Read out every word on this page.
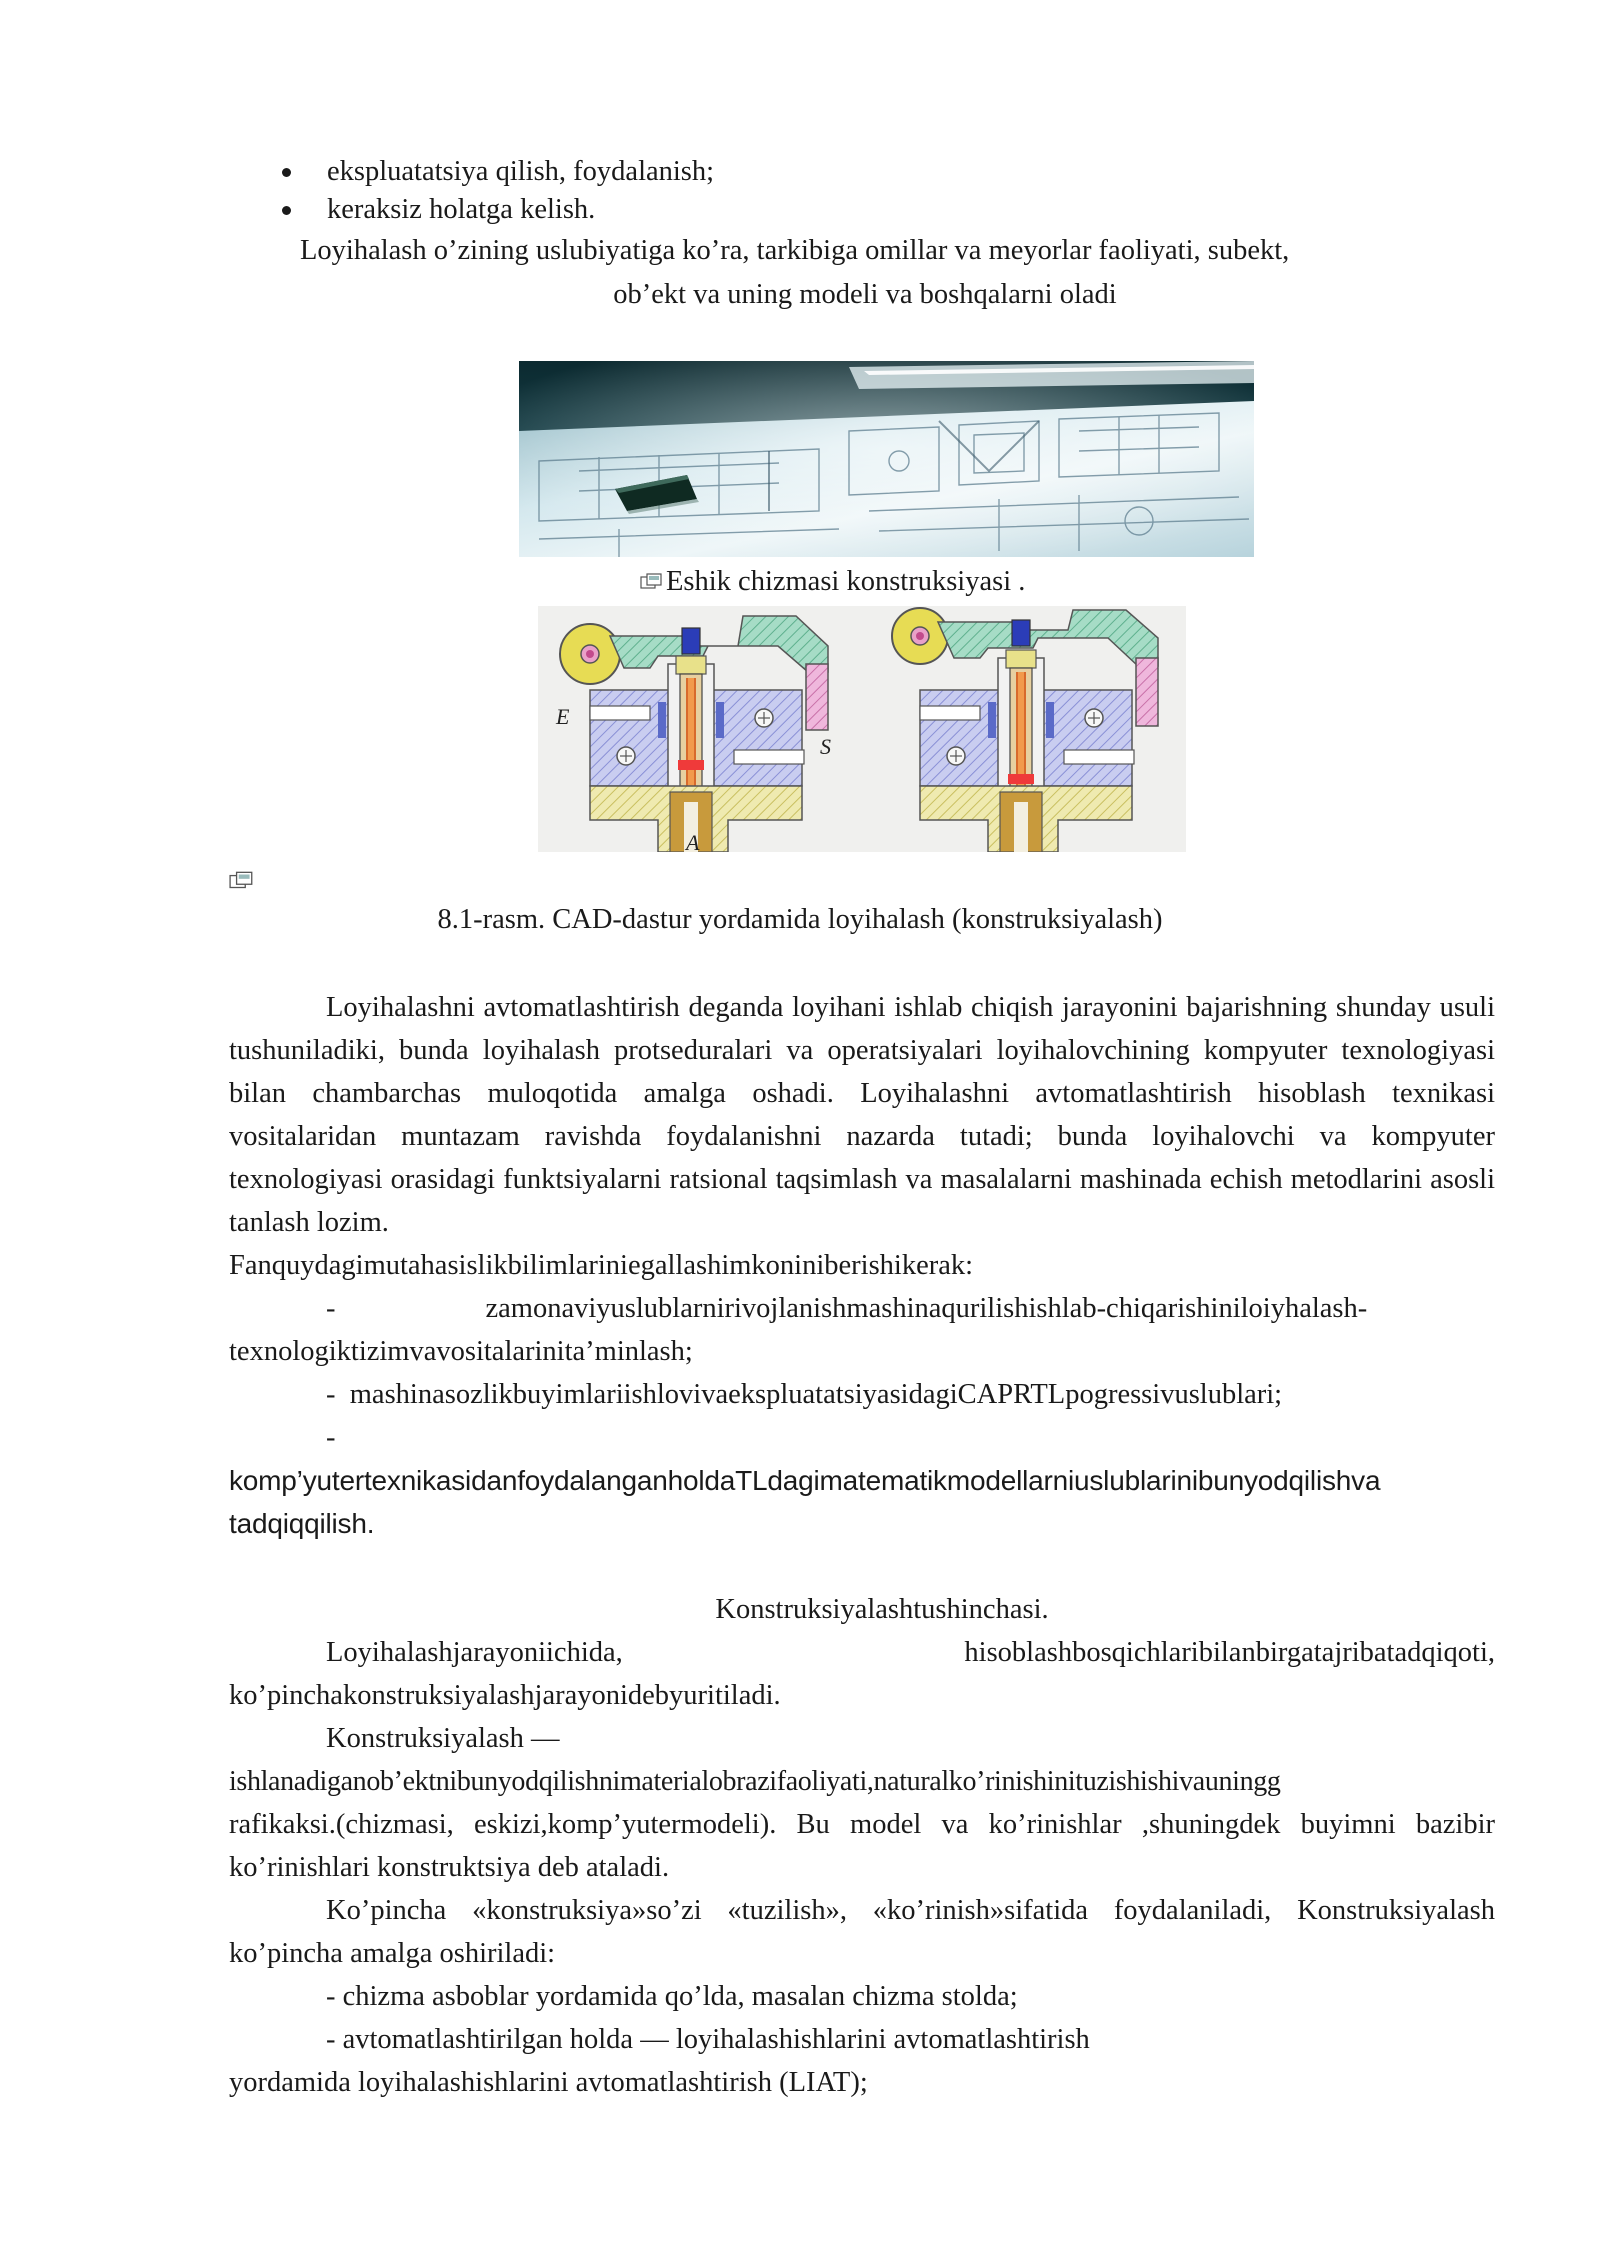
ekspluatatsiya qilish, foydalanish;
keraksiz holatga kelish.
Loyihalash o’zining uslubiyatiga ko’ra, tarkibiga omillar va meyorlar faoliyati, subekt,
ob’ekt va uning modeli va boshqalarni oladi
Eshik chizmasi konstruksiyasi .
E
S
A
8.1-rasm. CAD-dastur yordamida loyihalash (konstruksiyalash)

Loyihalashni avtomatlashtirish deganda loyihani ishlab chiqish jarayonini bajarishning shunday usuli tushuniladiki, bunda loyihalash protseduralari va operatsiyalari loyihalovchining kompyuter texnologiyasi bilan chambarchas muloqotida amalga oshadi. Loyihalashni avtomatlashtirish hisoblash texnikasi vositalaridan muntazam ravishda foydalanishni nazarda tutadi; bunda loyihalovchi va kompyuter texnologiyasi orasidagi funktsiyalarni ratsional taqsimlash va masalalarni mashinada echish metodlarini asosli tanlash lozim.

Fanquydagimutahasislikbilimlariniegallashimkoniniberishikerak:

-	zamonaviyuslublarnirivojlanishmashinaqurilishishlab-chiqarishiniloiyhalash-

texnologiktizimvavositalarinita’minlash;

- mashinasozlikbuyimlariishlovivaekspluatatsiyasidagiCAPRTLpogressivuslublari;

-

komp’yutertexnikasidanfoydalanganholdaTLdagimatematikmodellarniuslublarinibunyodqilishva

tadqiqqilish.

Konstruksiyalashtushinchasi.

Loyihalashjarayoniichida,	hisoblashbosqichlaribilanbirgatajribatadqiqoti,

ko’pinchakonstruksiyalashjarayonidebyuritiladi.

Konstruksiyalash —

ishlanadiganob’ektnibunyodqilishnimaterialobrazifaoliyati,naturalko’rinishinituzishishivauningg

rafikaksi.(chizmasi, eskizi,komp’yutermodeli). Bu model va ko’rinishlar ,shuningdek buyimni bazibir ko’rinishlari konstruktsiya deb ataladi.

Ko’pincha «konstruksiya»so’zi «tuzilish», «ko’rinish»sifatida foydalaniladi, Konstruksiyalash ko’pincha amalga oshiriladi:

- chizma asboblar yordamida qo’lda, masalan chizma stolda;

- avtomatlashtirilgan holda — loyihalashishlarini avtomatlashtirish

yordamida loyihalashishlarini avtomatlashtirish (LIAT);
